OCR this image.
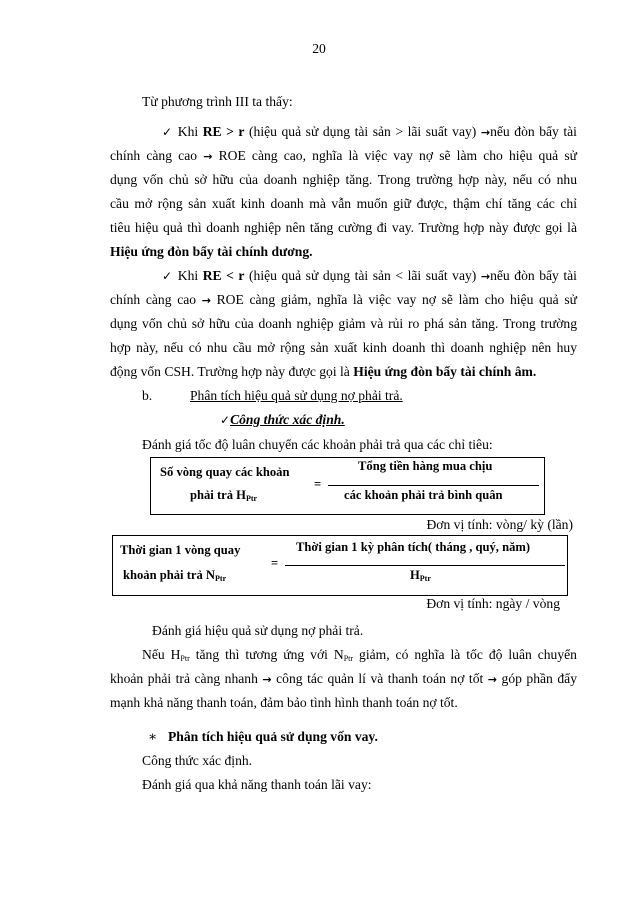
20
Từ phương trình III ta thấy:
✓ Khi RE > r (hiệu quả sử dụng tài sản > lãi suất vay) →nếu đòn bẩy tài
chính càng cao → ROE càng cao, nghĩa là việc vay nợ sẽ làm cho hiệu quả sử
dụng vốn chủ sở hữu của doanh nghiệp tăng. Trong trường hợp này, nếu có nhu
cầu mở rộng sản xuất kinh doanh mà vẫn muốn giữ được, thậm chí tăng các chỉ
tiêu hiệu quả thì doanh nghiệp nên tăng cường đi vay. Trường hợp này được gọi là
Hiệu ứng đòn bẩy tài chính dương.
✓ Khi RE < r (hiệu quả sử dụng tài sản < lãi suất vay) →nếu đòn bẩy tài
chính càng cao → ROE càng giảm, nghĩa là việc vay nợ sẽ làm cho hiệu quả sử
dụng vốn chủ sở hữu của doanh nghiệp giảm và rủi ro phá sản tăng. Trong trường
hợp này, nếu có nhu cầu mở rộng sản xuất kinh doanh thì doanh nghiệp nên huy
động vốn CSH. Trường hợp này được gọi là Hiệu ứng đòn bẩy tài chính âm.
b.	Phân tích hiệu quả sử dụng nợ phải trả.
✓Công thức xác định.
Đánh giá tốc độ luân chuyển các khoản phải trả qua các chỉ tiêu:
Số vòng quay các khoản
phải trả $H_{Ptr}$
=
Tổng tiền hàng mua chịu
các khoản phải trả bình quân
Đơn vị tính: vòng/ kỳ (lần)
Thời gian 1 vòng quay
khoản phải trả $N_{Ptr}$
=
Thời gian 1 kỳ phân tích( tháng , quý, năm)
$H_{Ptr}$
Đơn vị tính: ngày / vòng
Đánh giá hiệu quả sử dụng nợ phải trả.
Nếu $H_{Ptr}$ tăng thì tương ứng với $N_{Ptr}$ giảm, có nghĩa là tốc độ luân chuyển
khoản phải trả càng nhanh → công tác quản lí và thanh toán nợ tốt → góp phần đẩy
mạnh khả năng thanh toán, đảm bảo tình hình thanh toán nợ tốt.
∗ Phân tích hiệu quả sử dụng vốn vay.
Công thức xác định.
Đánh giá qua khả năng thanh toán lãi vay:
